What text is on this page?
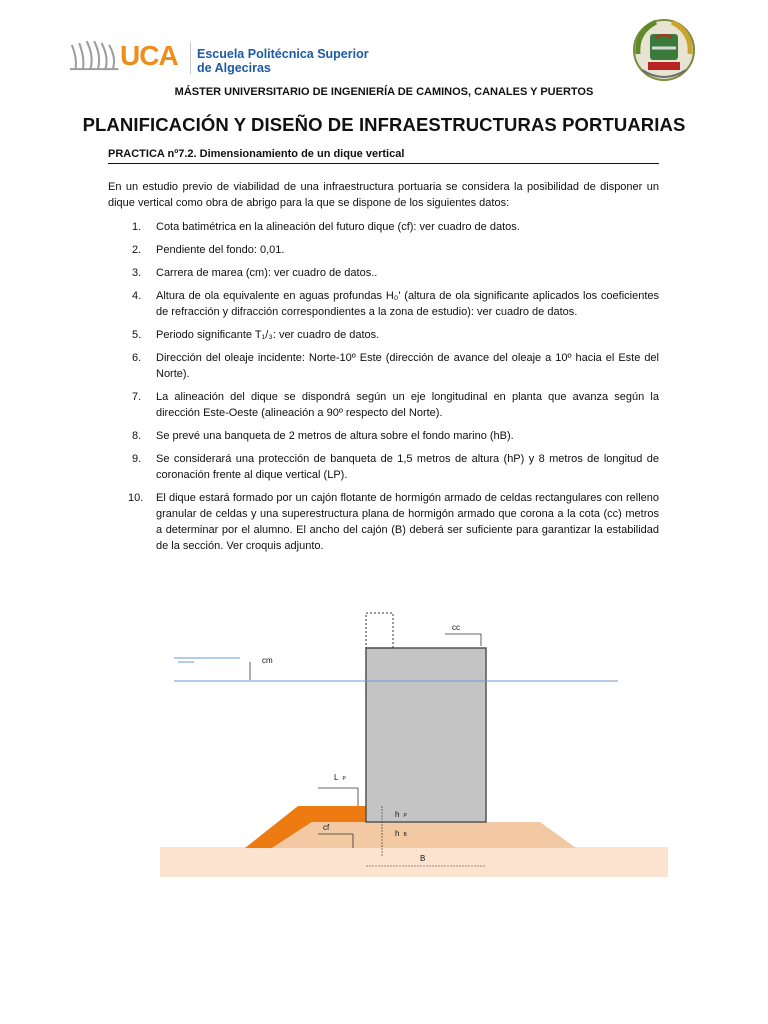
UCA Escuela Politécnica Superior
de Algeciras
MÁSTER UNIVERSITARIO DE INGENIERÍA DE CAMINOS, CANALES Y PUERTOS
PLANIFICACIÓN Y DISEÑO DE INFRAESTRUCTURAS PORTUARIAS
PRACTICA nº7.2. Dimensionamiento de un dique vertical
En un estudio previo de viabilidad de una infraestructura portuaria se considera la posibilidad de disponer un dique vertical como obra de abrigo para la que se dispone de los siguientes datos:
1. Cota batimétrica en la alineación del futuro dique (cf): ver cuadro de datos.
2. Pendiente del fondo: 0,01.
3. Carrera de marea (cm): ver cuadro de datos..
4. Altura de ola equivalente en aguas profundas H₀' (altura de ola significante aplicados los coeficientes de refracción y difracción correspondientes a la zona de estudio): ver cuadro de datos.
5. Periodo significante T₁/₃: ver cuadro de datos.
6. Dirección del oleaje incidente: Norte-10º Este (dirección de avance del oleaje a 10º hacia el Este del Norte).
7. La alineación del dique se dispondrá según un eje longitudinal en planta que avanza según la dirección Este-Oeste (alineación a 90º respecto del Norte).
8. Se prevé una banqueta de 2 metros de altura sobre el fondo marino (hB).
9. Se considerará una protección de banqueta de 1,5 metros de altura (hP) y 8 metros de longitud de coronación frente al dique vertical (LP).
10. El dique estará formado por un cajón flotante de hormigón armado de celdas rectangulares con relleno granular de celdas y una superestructura plana de hormigón armado que corona a la cota (cc) metros a determinar por el alumno. El ancho del cajón (B) deberá ser suficiente para garantizar la estabilidad de la sección. Ver croquis adjunto.
cm
cc
L P
h P
h B
cf
B
